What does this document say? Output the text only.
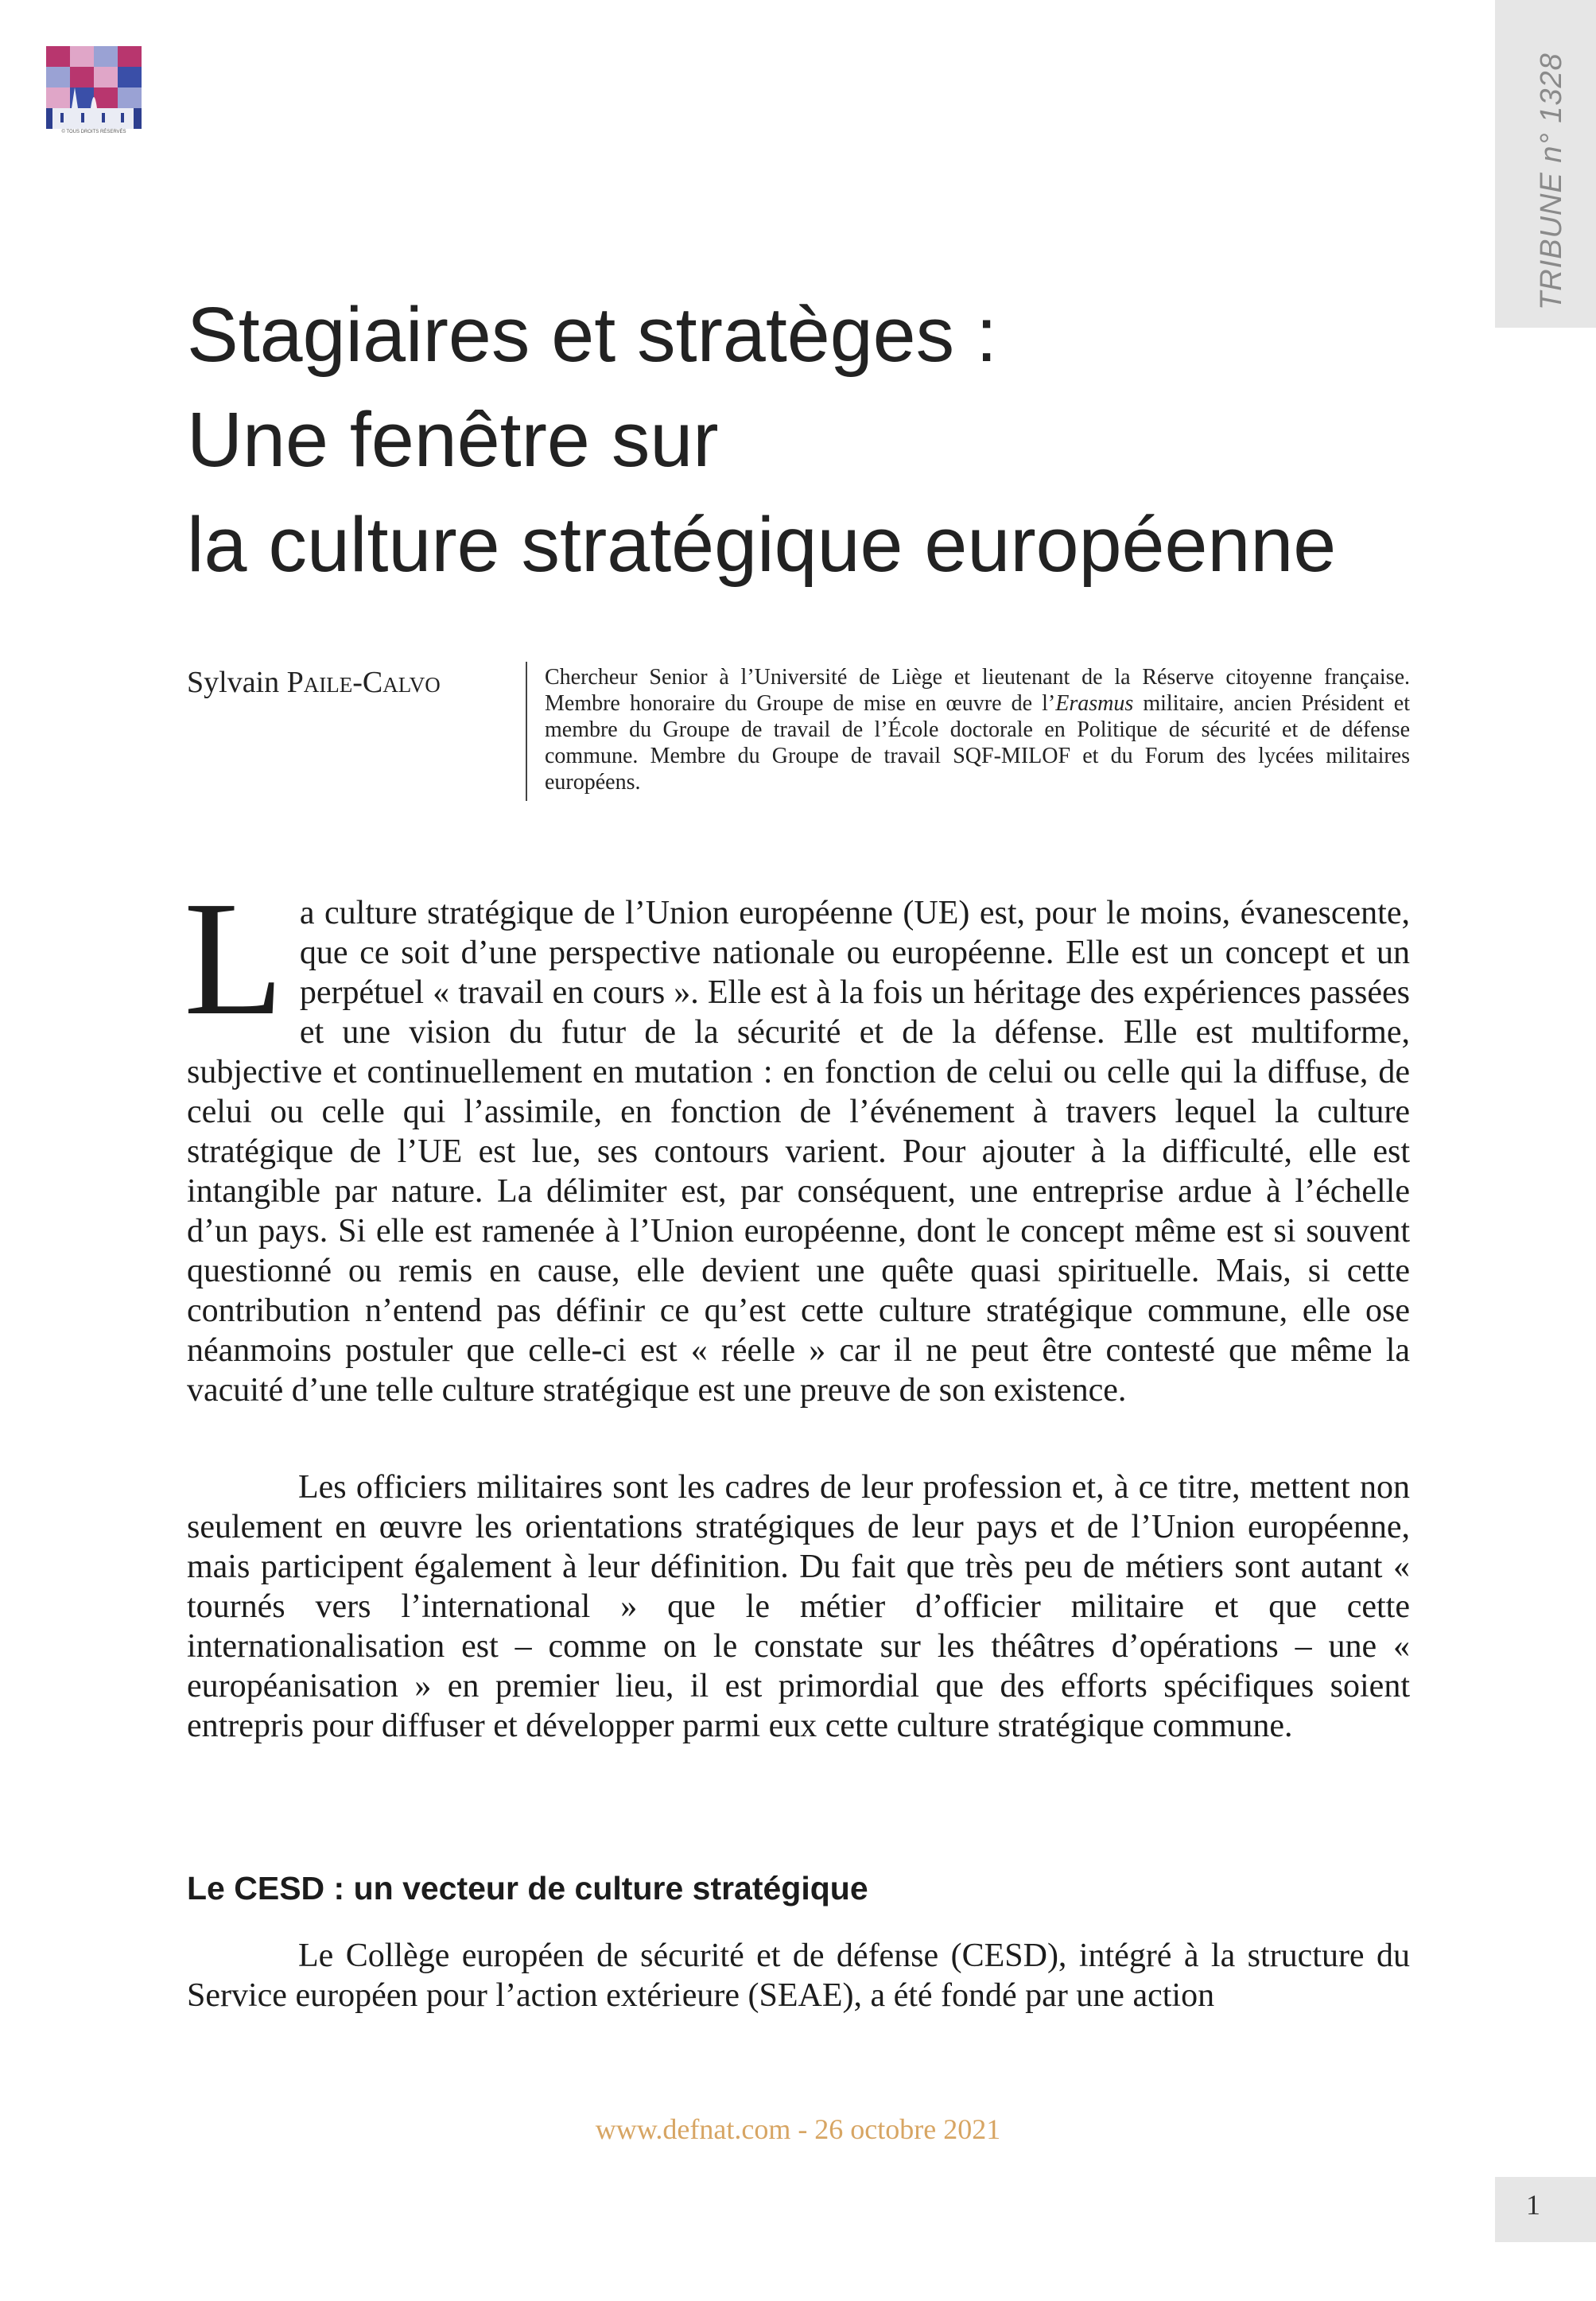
© TOUS DROITS RÉSERVÉS	TRIBUNE n° 1328
Stagiaires et stratèges :
Une fenêtre sur
la culture stratégique européenne
Sylvain Paile-Calvo	Chercheur Senior à l’Université de Liège et lieutenant de la Réserve citoyenne française. Membre honoraire du Groupe de mise en œuvre de l’Erasmus militaire, ancien Président et membre du Groupe de travail de l’École doctorale en Politique de sécurité et de défense commune. Membre du Groupe de travail SQF-MILOF et du Forum des lycées militaires européens.

La culture stratégique de l’Union européenne (UE) est, pour le moins, évanescente, que ce soit d’une perspective nationale ou européenne. Elle est un concept et un perpétuel « travail en cours ». Elle est à la fois un héritage des expériences passées et une vision du futur de la sécurité et de la défense. Elle est multiforme, subjective et continuellement en mutation : en fonction de celui ou celle qui la diffuse, de celui ou celle qui l’assimile, en fonction de l’événement à travers lequel la culture stratégique de l’UE est lue, ses contours varient. Pour ajouter à la difficulté, elle est intangible par nature. La délimiter est, par conséquent, une entreprise ardue à l’échelle d’un pays. Si elle est ramenée à l’Union européenne, dont le concept même est si souvent questionné ou remis en cause, elle devient une quête quasi spirituelle. Mais, si cette contribution n’entend pas définir ce qu’est cette culture stratégique commune, elle ose néanmoins postuler que celle-ci est « réelle » car il ne peut être contesté que même la vacuité d’une telle culture stratégique est une preuve de son existence.

Les officiers militaires sont les cadres de leur profession et, à ce titre, mettent non seulement en œuvre les orientations stratégiques de leur pays et de l’Union européenne, mais participent également à leur définition. Du fait que très peu de métiers sont autant « tournés vers l’international » que le métier d’officier militaire et que cette internationalisation est – comme on le constate sur les théâtres d’opérations – une « européanisation » en premier lieu, il est primordial que des efforts spécifiques soient entrepris pour diffuser et développer parmi eux cette culture stratégique commune.

Le CESD : un vecteur de culture stratégique

Le Collège européen de sécurité et de défense (CESD), intégré à la structure du Service européen pour l’action extérieure (SEAE), a été fondé par une action

www.defnat.com - 26 octobre 2021
1
